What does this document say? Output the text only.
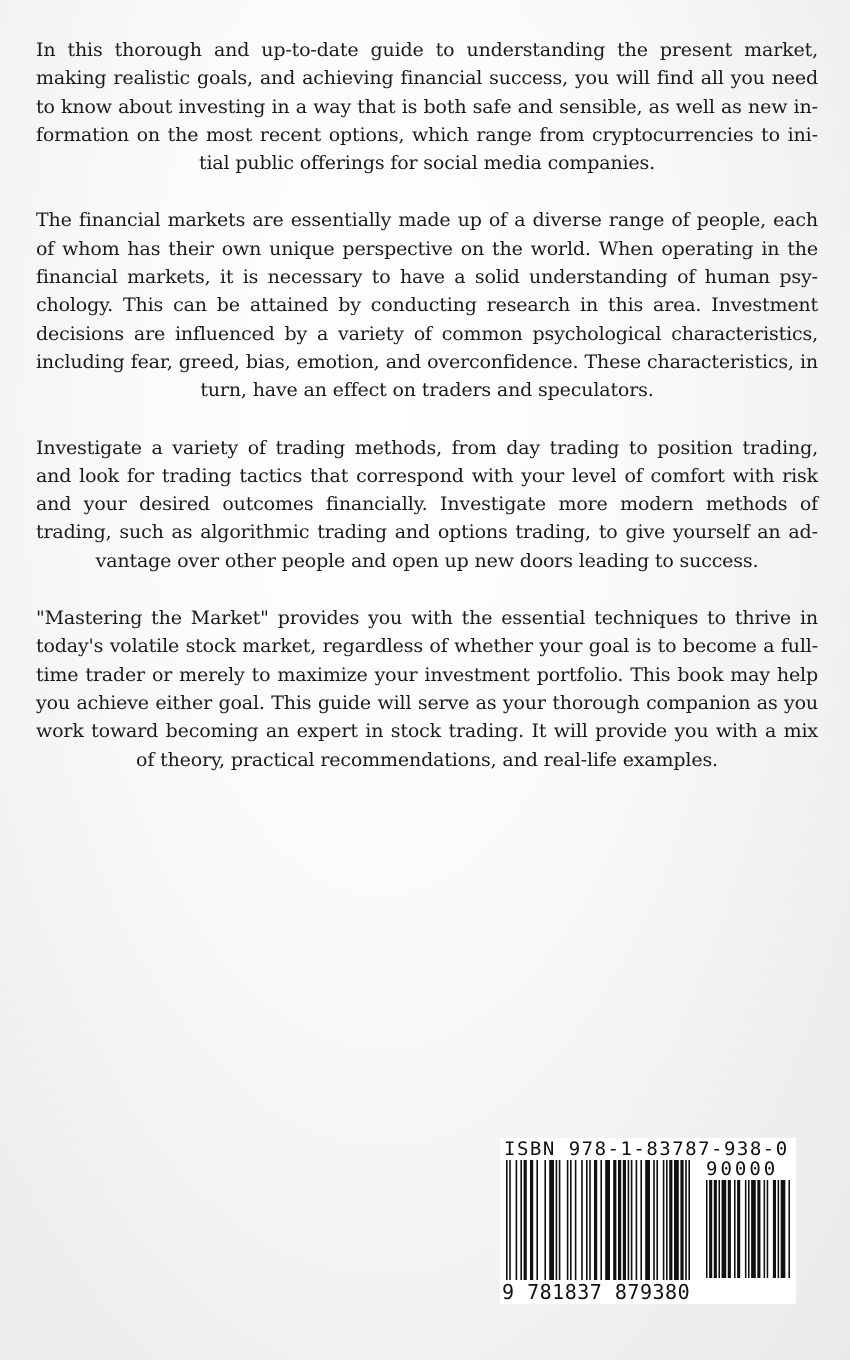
In this thorough and up-to-date guide to understanding the present market, making realistic goals, and achieving financial success, you will find all you need to know about investing in a way that is both safe and sensible, as well as new information on the most recent options, which range from cryptocurrencies to initial public offerings for social media companies.

The financial markets are essentially made up of a diverse range of people, each of whom has their own unique perspective on the world. When operating in the financial markets, it is necessary to have a solid understanding of human psychology. This can be attained by conducting research in this area. Investment decisions are influenced by a variety of common psychological characteristics, including fear, greed, bias, emotion, and overconfidence. These characteristics, in turn, have an effect on traders and speculators.

Investigate a variety of trading methods, from day trading to position trading, and look for trading tactics that correspond with your level of comfort with risk and your desired outcomes financially. Investigate more modern methods of trading, such as algorithmic trading and options trading, to give yourself an advantage over other people and open up new doors leading to success.

"Mastering the Market" provides you with the essential techniques to thrive in today's volatile stock market, regardless of whether your goal is to become a full-time trader or merely to maximize your investment portfolio. This book may help you achieve either goal. This guide will serve as your thorough companion as you work toward becoming an expert in stock trading. It will provide you with a mix of theory, practical recommendations, and real-life examples.

ISBN 978-1-83787-938-0
90000
9 781837 879380
